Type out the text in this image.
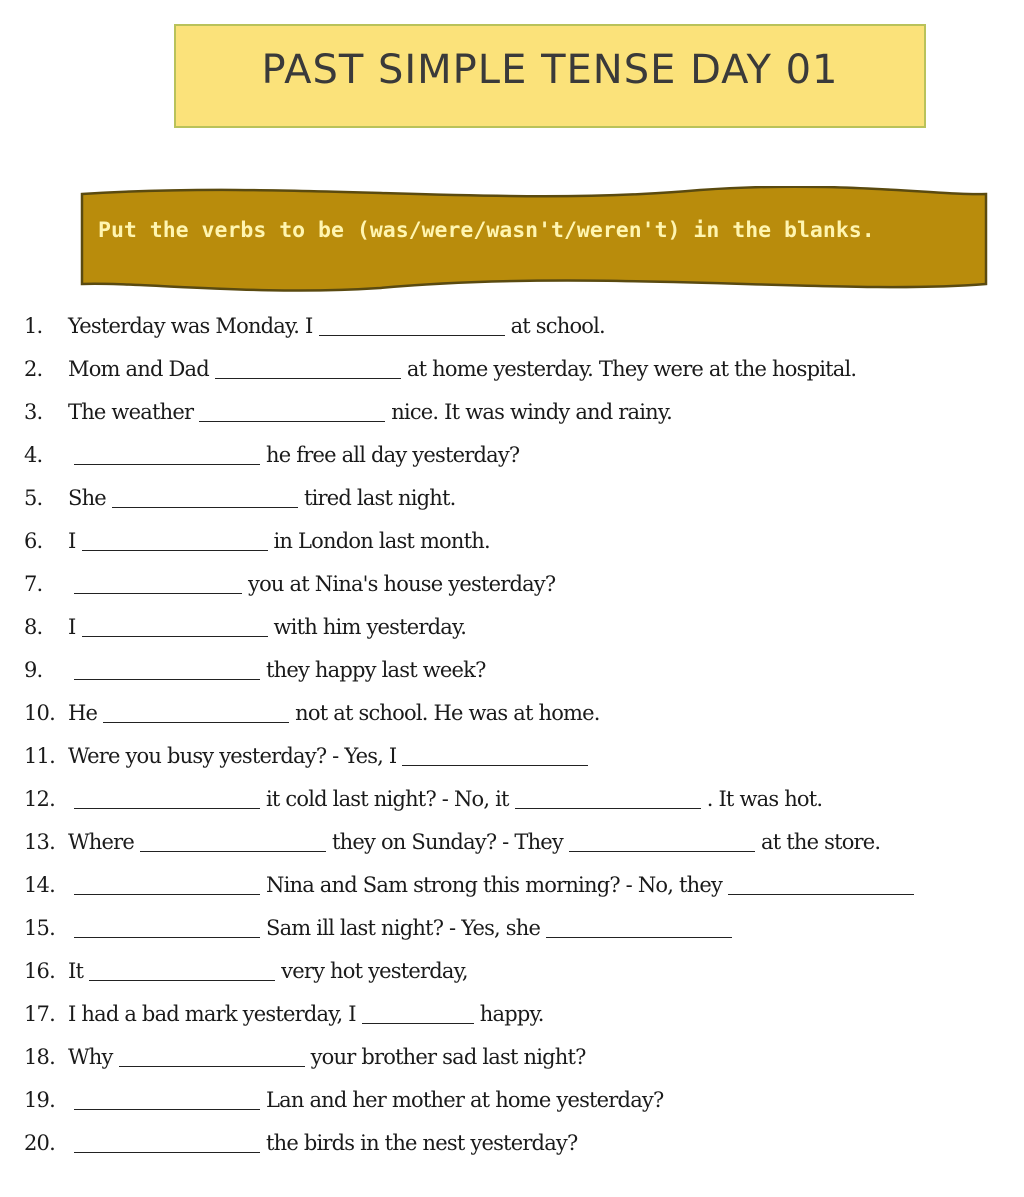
PAST SIMPLE TENSE DAY 01
Put the verbs to be (was/were/wasn't/weren't) in the blanks.
1.	Yesterday was Monday. I	at school.
2.	Mom and Dad	at home yesterday. They were at the hospital.
3.	The weather	nice. It was windy and rainy.
4.	he free all day yesterday?
5.	She	tired last night.
6.	I	in London last month.
7.	you at Nina's house yesterday?
8.	I	with him yesterday.
9.	they happy last week?
10. He	not at school. He was at home.
11. Were you busy yesterday? - Yes, I
12.	it cold last night? - No, it	. It was hot.
13. Where	they on Sunday? - They	at the store.
14.	Nina and Sam strong this morning? - No, they
15.	Sam ill last night? - Yes, she
16. It	very hot yesterday,
17. I had a bad mark yesterday, I	happy.
18. Why	your brother sad last night?
19.	Lan and her mother at home yesterday?
20.	the birds in the nest yesterday?
